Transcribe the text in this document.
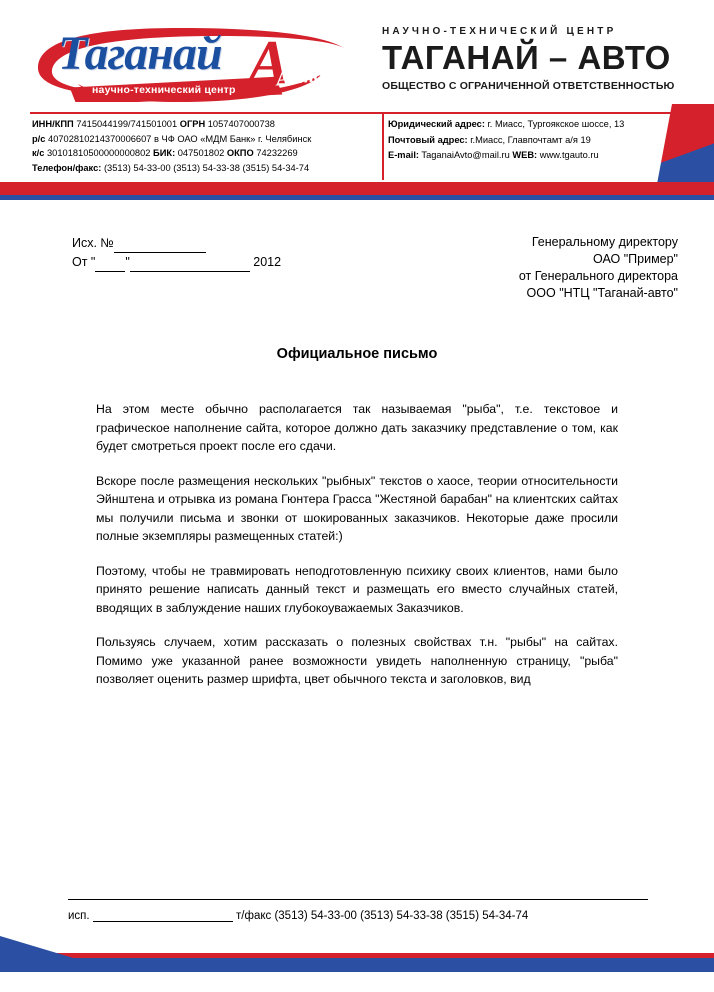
Таганай А
научно-технический центр Авто
НАУЧНО-ТЕХНИЧЕСКИЙ ЦЕНТР
ТАГАНАЙ – АВТО
ОБЩЕСТВО С ОГРАНИЧЕННОЙ ОТВЕТСТВЕННОСТЬЮ
ИНН/КПП 7415044199/741501001 ОГРН 1057407000738
р/с 40702810214370006607 в ЧФ ОАО «МДМ Банк» г. Челябинск
к/с 30101810500000000802 БИК: 047501802 ОКПО 74232269
Телефон/факс: (3513) 54-33-00 (3513) 54-33-38 (3515) 54-34-74
Юридический адрес: г. Миасс, Тургоякское шоссе, 13
Почтовый адрес: г.Миасс, Главпочтамт а/я 19
E-mail: TaganaiAvto@mail.ru WEB: www.tgauto.ru
Исх. №
От " "	2012
Генеральному директору
ОАО "Пример"
от Генерального директора
ООО "НТЦ "Таганай-авто"
Официальное письмо

На этом месте обычно располагается так называемая "рыба", т.е. текстовое и графическое наполнение сайта, которое должно дать заказчику представление о том, как будет смотреться проект после его сдачи.

Вскоре после размещения нескольких "рыбных" текстов о хаосе, теории относительности Эйнштена и отрывка из романа Гюнтера Грасса "Жестяной барабан" на клиентских сайтах мы получили письма и звонки от шокированных заказчиков. Некоторые даже просили полные экземпляры размещенных статей:)

Поэтому, чтобы не травмировать неподготовленную психику своих клиентов, нами было принято решение написать данный текст и размещать его вместо случайных статей, вводящих в заблуждение наших глубокоуважаемых Заказчиков.

Пользуясь случаем, хотим рассказать о полезных свойствах т.н. "рыбы" на сайтах. Помимо уже указанной ранее возможности увидеть наполненную страницу, "рыба" позволяет оценить размер шрифта, цвет обычного текста и заголовков, вид

исп.	т/факс (3513) 54-33-00 (3513) 54-33-38 (3515) 54-34-74
